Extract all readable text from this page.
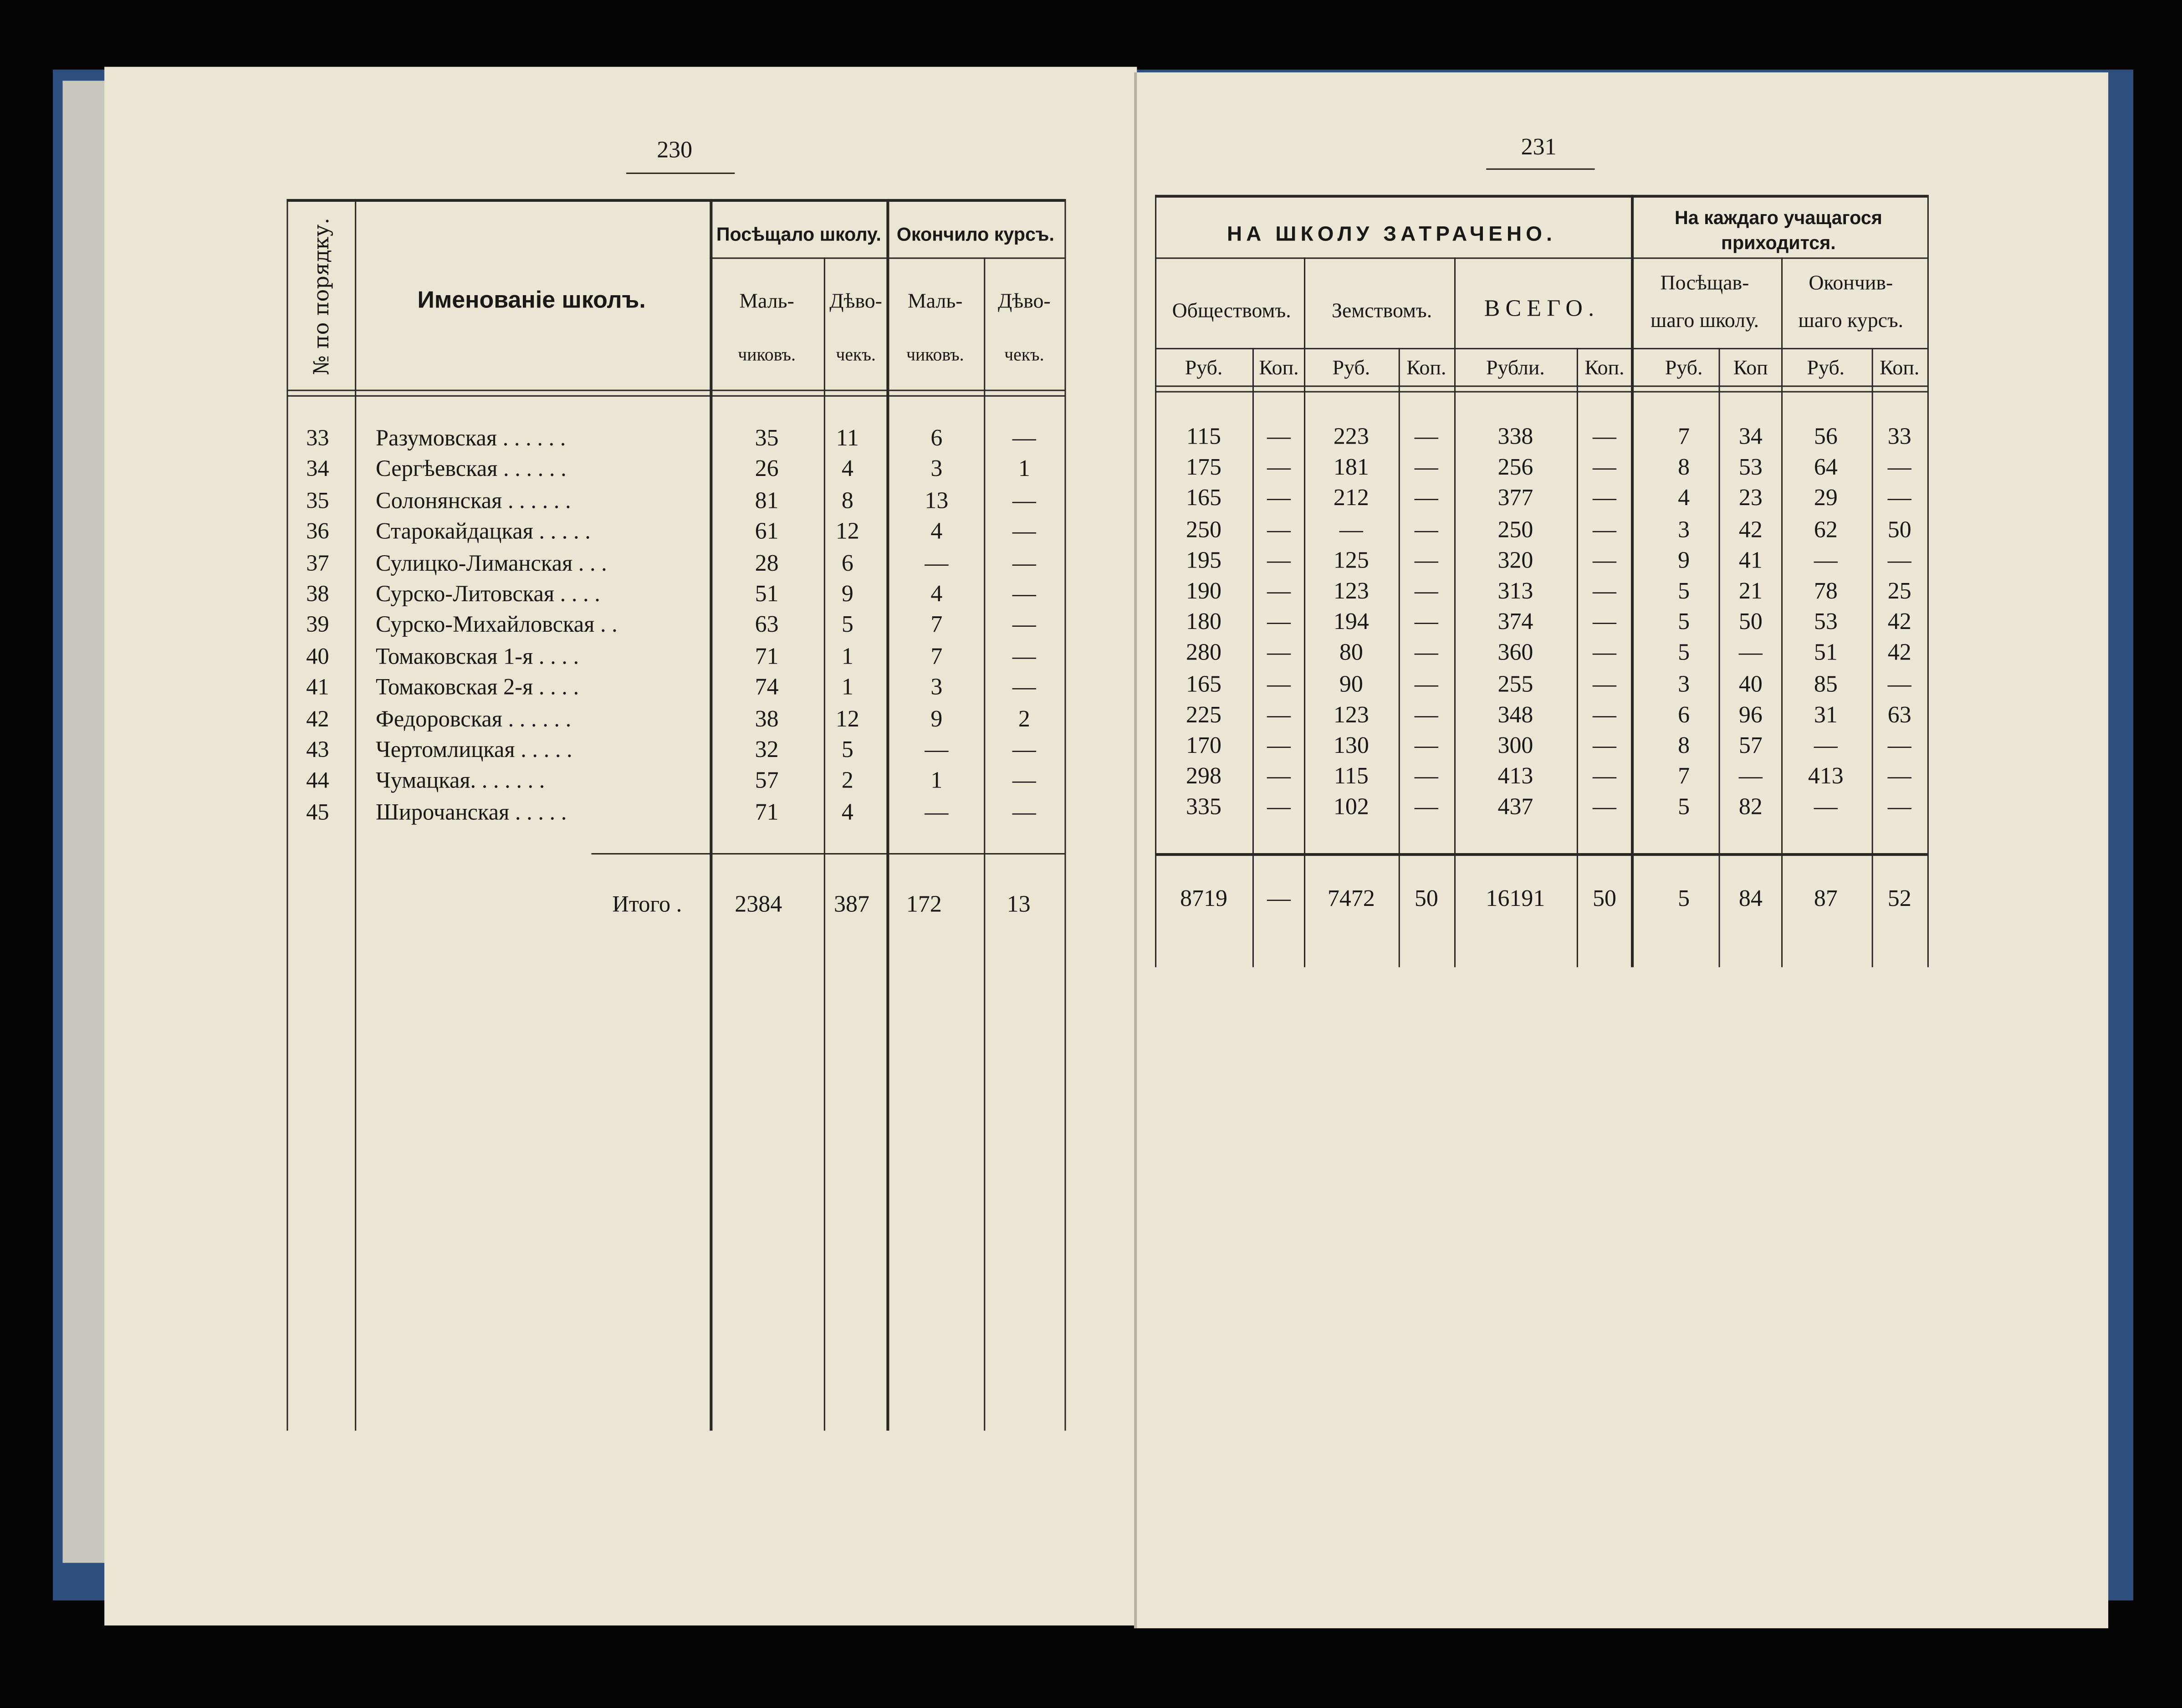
230
№ по порядку.	Именованіе школъ.
Посѣщало школу.	Окончило курсъ.
Маль-
чиковъ.
Дѣво-
чекъ.
Маль-
чиковъ.
Дѣво-
чекъ.
Итого .	2384	387	172	13
33	Разумовская . . . . . .	35	11	6	—
34	Сергѣевская . . . . . .	26	4	3	1
35	Солонянская . . . . . .	81	8	13	—
36	Старокайдацкая . . . . .	61	12	4	—
37	Сулицко-Лиманская . . .	28	6	—	—
38	Сурско-Литовская . . . .	51	9	4	—
39	Сурско-Михайловская . .	63	5	7	—
40	Томаковская 1-я . . . .	71	1	7	—
41	Томаковская 2-я . . . .	74	1	3	—
42	Федоровская . . . . . .	38	12	9	2
43	Чертомлицкая . . . . .	32	5	—	—
44	Чумацкая. . . . . . .	57	2	1	—
45	Широчанская . . . . .	71	4	—	—
231
НА ШКОЛУ ЗАТРАЧЕНО.
На каждаго учащагося
приходится.
Обществомъ.	Земствомъ.	ВСЕГО.
Посѣщав-
шаго школу.
Окончив-
шаго курсъ.
Руб.	Коп.	Руб.	Коп.	Рубли.	Коп.	Руб.	Коп	Руб.	Коп.
115	—	223	—	338	—	7	34	56	33
175	—	181	—	256	—	8	53	64	—
165	—	212	—	377	—	4	23	29	—
250	—	—	—	250	—	3	42	62	50
195	—	125	—	320	—	9	41	—	—
190	—	123	—	313	—	5	21	78	25
180	—	194	—	374	—	5	50	53	42
280	—	80	—	360	—	5	—	51	42
165	—	90	—	255	—	3	40	85	—
225	—	123	—	348	—	6	96	31	63
170	—	130	—	300	—	8	57	—	—
298	—	115	—	413	—	7	—	413	—
335	—	102	—	437	—	5	82	—	—
8719	—	7472	50	16191	50	5	84	87	52
